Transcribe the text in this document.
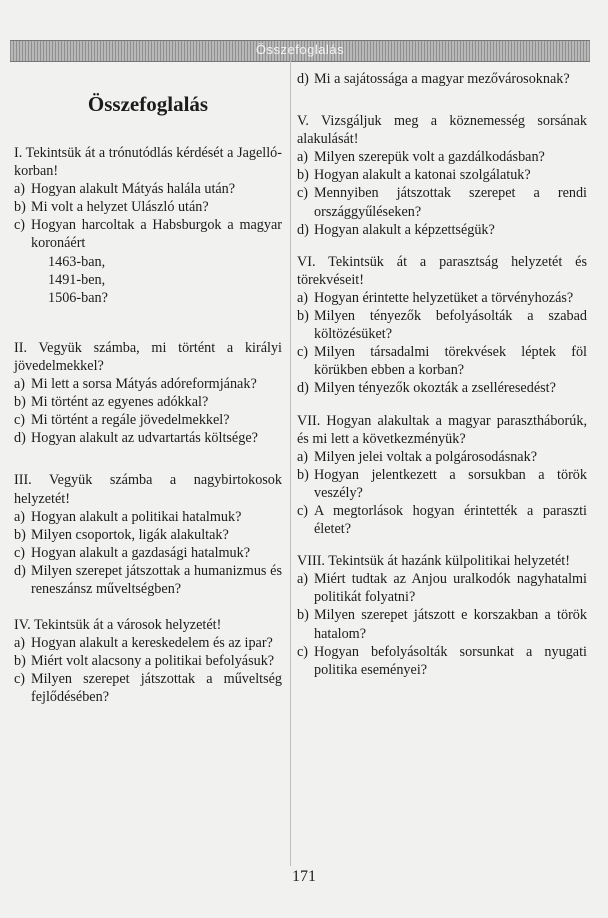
Összefoglalás
Összefoglalás
I. Tekintsük át a trónutódlás kérdését a Jagelló-korban!
a) Hogyan alakult Mátyás halála után?
b) Mi volt a helyzet Ulászló után?
c) Hogyan harcoltak a Habsburgok a magyar koronáért
1463-ban,
1491-ben,
1506-ban?
II. Vegyük számba, mi történt a királyi jövedelmekkel?
a) Mi lett a sorsa Mátyás adóreformjának?
b) Mi történt az egyenes adókkal?
c) Mi történt a regále jövedelmekkel?
d) Hogyan alakult az udvartartás költsége?
III. Vegyük számba a nagybirtokosok helyzetét!
a) Hogyan alakult a politikai hatalmuk?
b) Milyen csoportok, ligák alakultak?
c) Hogyan alakult a gazdasági hatalmuk?
d) Milyen szerepet játszottak a humanizmus és reneszánsz műveltségben?
IV. Tekintsük át a városok helyzetét!
a) Hogyan alakult a kereskedelem és az ipar?
b) Miért volt alacsony a politikai befolyásuk?
c) Milyen szerepet játszottak a műveltség fejlődésében?
d) Mi a sajátossága a magyar mezővárosoknak?
V. Vizsgáljuk meg a köznemesség sorsának alakulását!
a) Milyen szerepük volt a gazdálkodásban?
b) Hogyan alakult a katonai szolgálatuk?
c) Mennyiben játszottak szerepet a rendi országgyűléseken?
d) Hogyan alakult a képzettségük?
VI. Tekintsük át a parasztság helyzetét és törekvéseit!
a) Hogyan érintette helyzetüket a törvényhozás?
b) Milyen tényezők befolyásolták a szabad költözésüket?
c) Milyen társadalmi törekvések léptek föl körükben ebben a korban?
d) Milyen tényezők okozták a zselléresedést?
VII. Hogyan alakultak a magyar parasztháborúk, és mi lett a következményük?
a) Milyen jelei voltak a polgárosodásnak?
b) Hogyan jelentkezett a sorsukban a török veszély?
c) A megtorlások hogyan érintették a paraszti életet?
VIII. Tekintsük át hazánk külpolitikai helyzetét!
a) Miért tudtak az Anjou uralkodók nagyhatalmi politikát folyatni?
b) Milyen szerepet játszott e korszakban a török hatalom?
c) Hogyan befolyásolták sorsunkat a nyugati politika eseményei?
171
